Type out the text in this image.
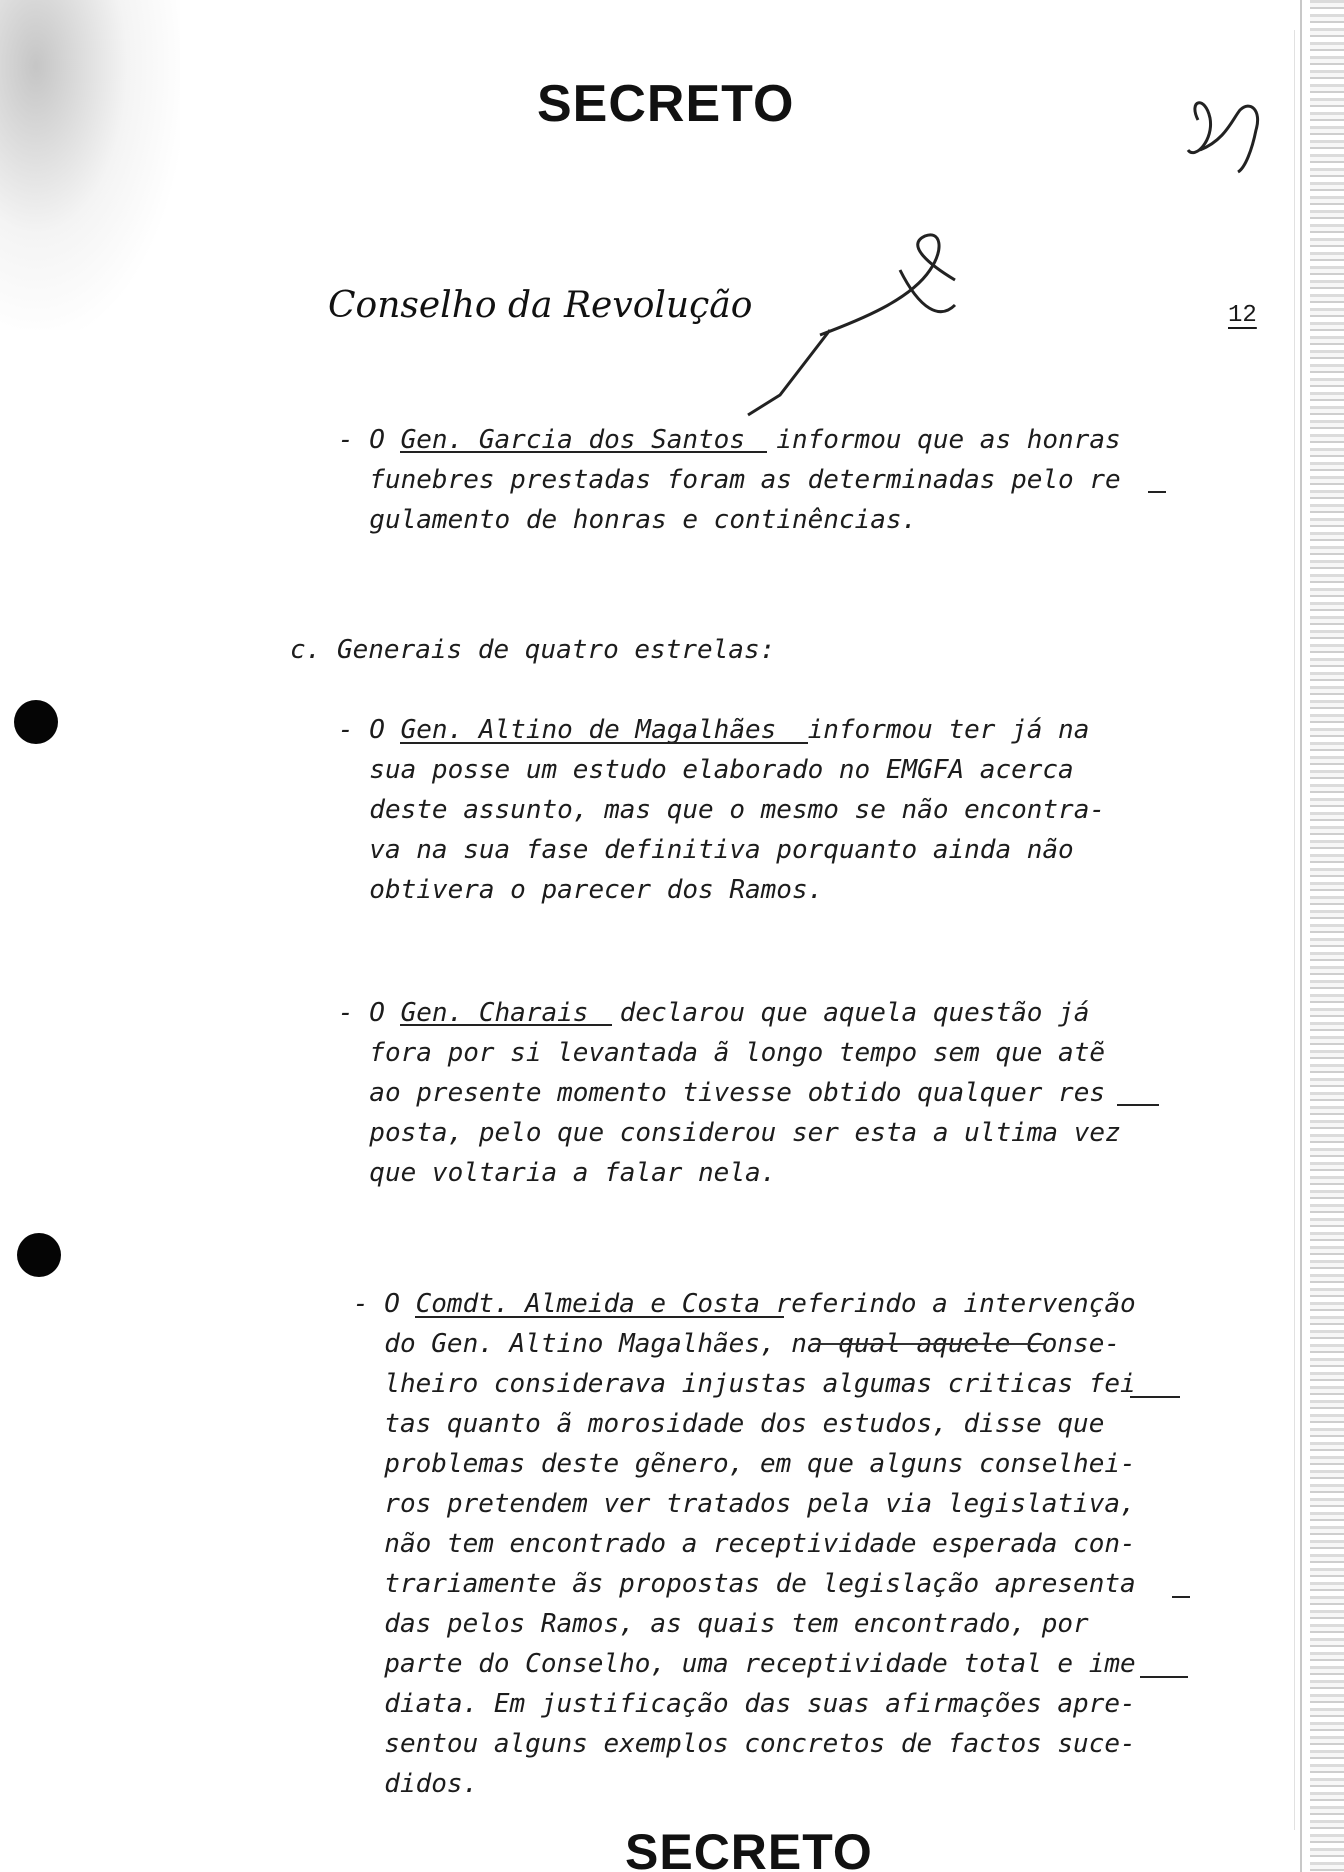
SECRETO
Conselho da Revolução	12
- O Gen. Garcia dos Santos  informou que as honras
funebres prestadas foram as determinadas pelo re
gulamento de honras e continências.
c. Generais de quatro estrelas:
- O Gen. Altino de Magalhães  informou ter já na
sua posse um estudo elaborado no EMGFA acerca
deste assunto, mas que o mesmo se não encontra-
va na sua fase definitiva porquanto ainda não
obtivera o parecer dos Ramos.
- O Gen. Charais  declarou que aquela questão já
fora por si levantada ã longo tempo sem que atẽ
ao presente momento tivesse obtido qualquer res
posta, pelo que considerou ser esta a ultima vez
que voltaria a falar nela.
- O Comdt. Almeida e Costa referindo a intervenção
do Gen. Altino Magalhães, na qual aquele Conse-
lheiro considerava injustas algumas criticas fei
tas quanto ã morosidade dos estudos, disse que
problemas deste gẽnero, em que alguns conselhei-
ros pretendem ver tratados pela via legislativa,
não tem encontrado a receptividade esperada con-
trariamente ãs propostas de legislação apresenta
das pelos Ramos, as quais tem encontrado, por
parte do Conselho, uma receptividade total e ime
diata. Em justificação das suas afirmações apre-
sentou alguns exemplos concretos de factos suce-
didos.
SECRETO
